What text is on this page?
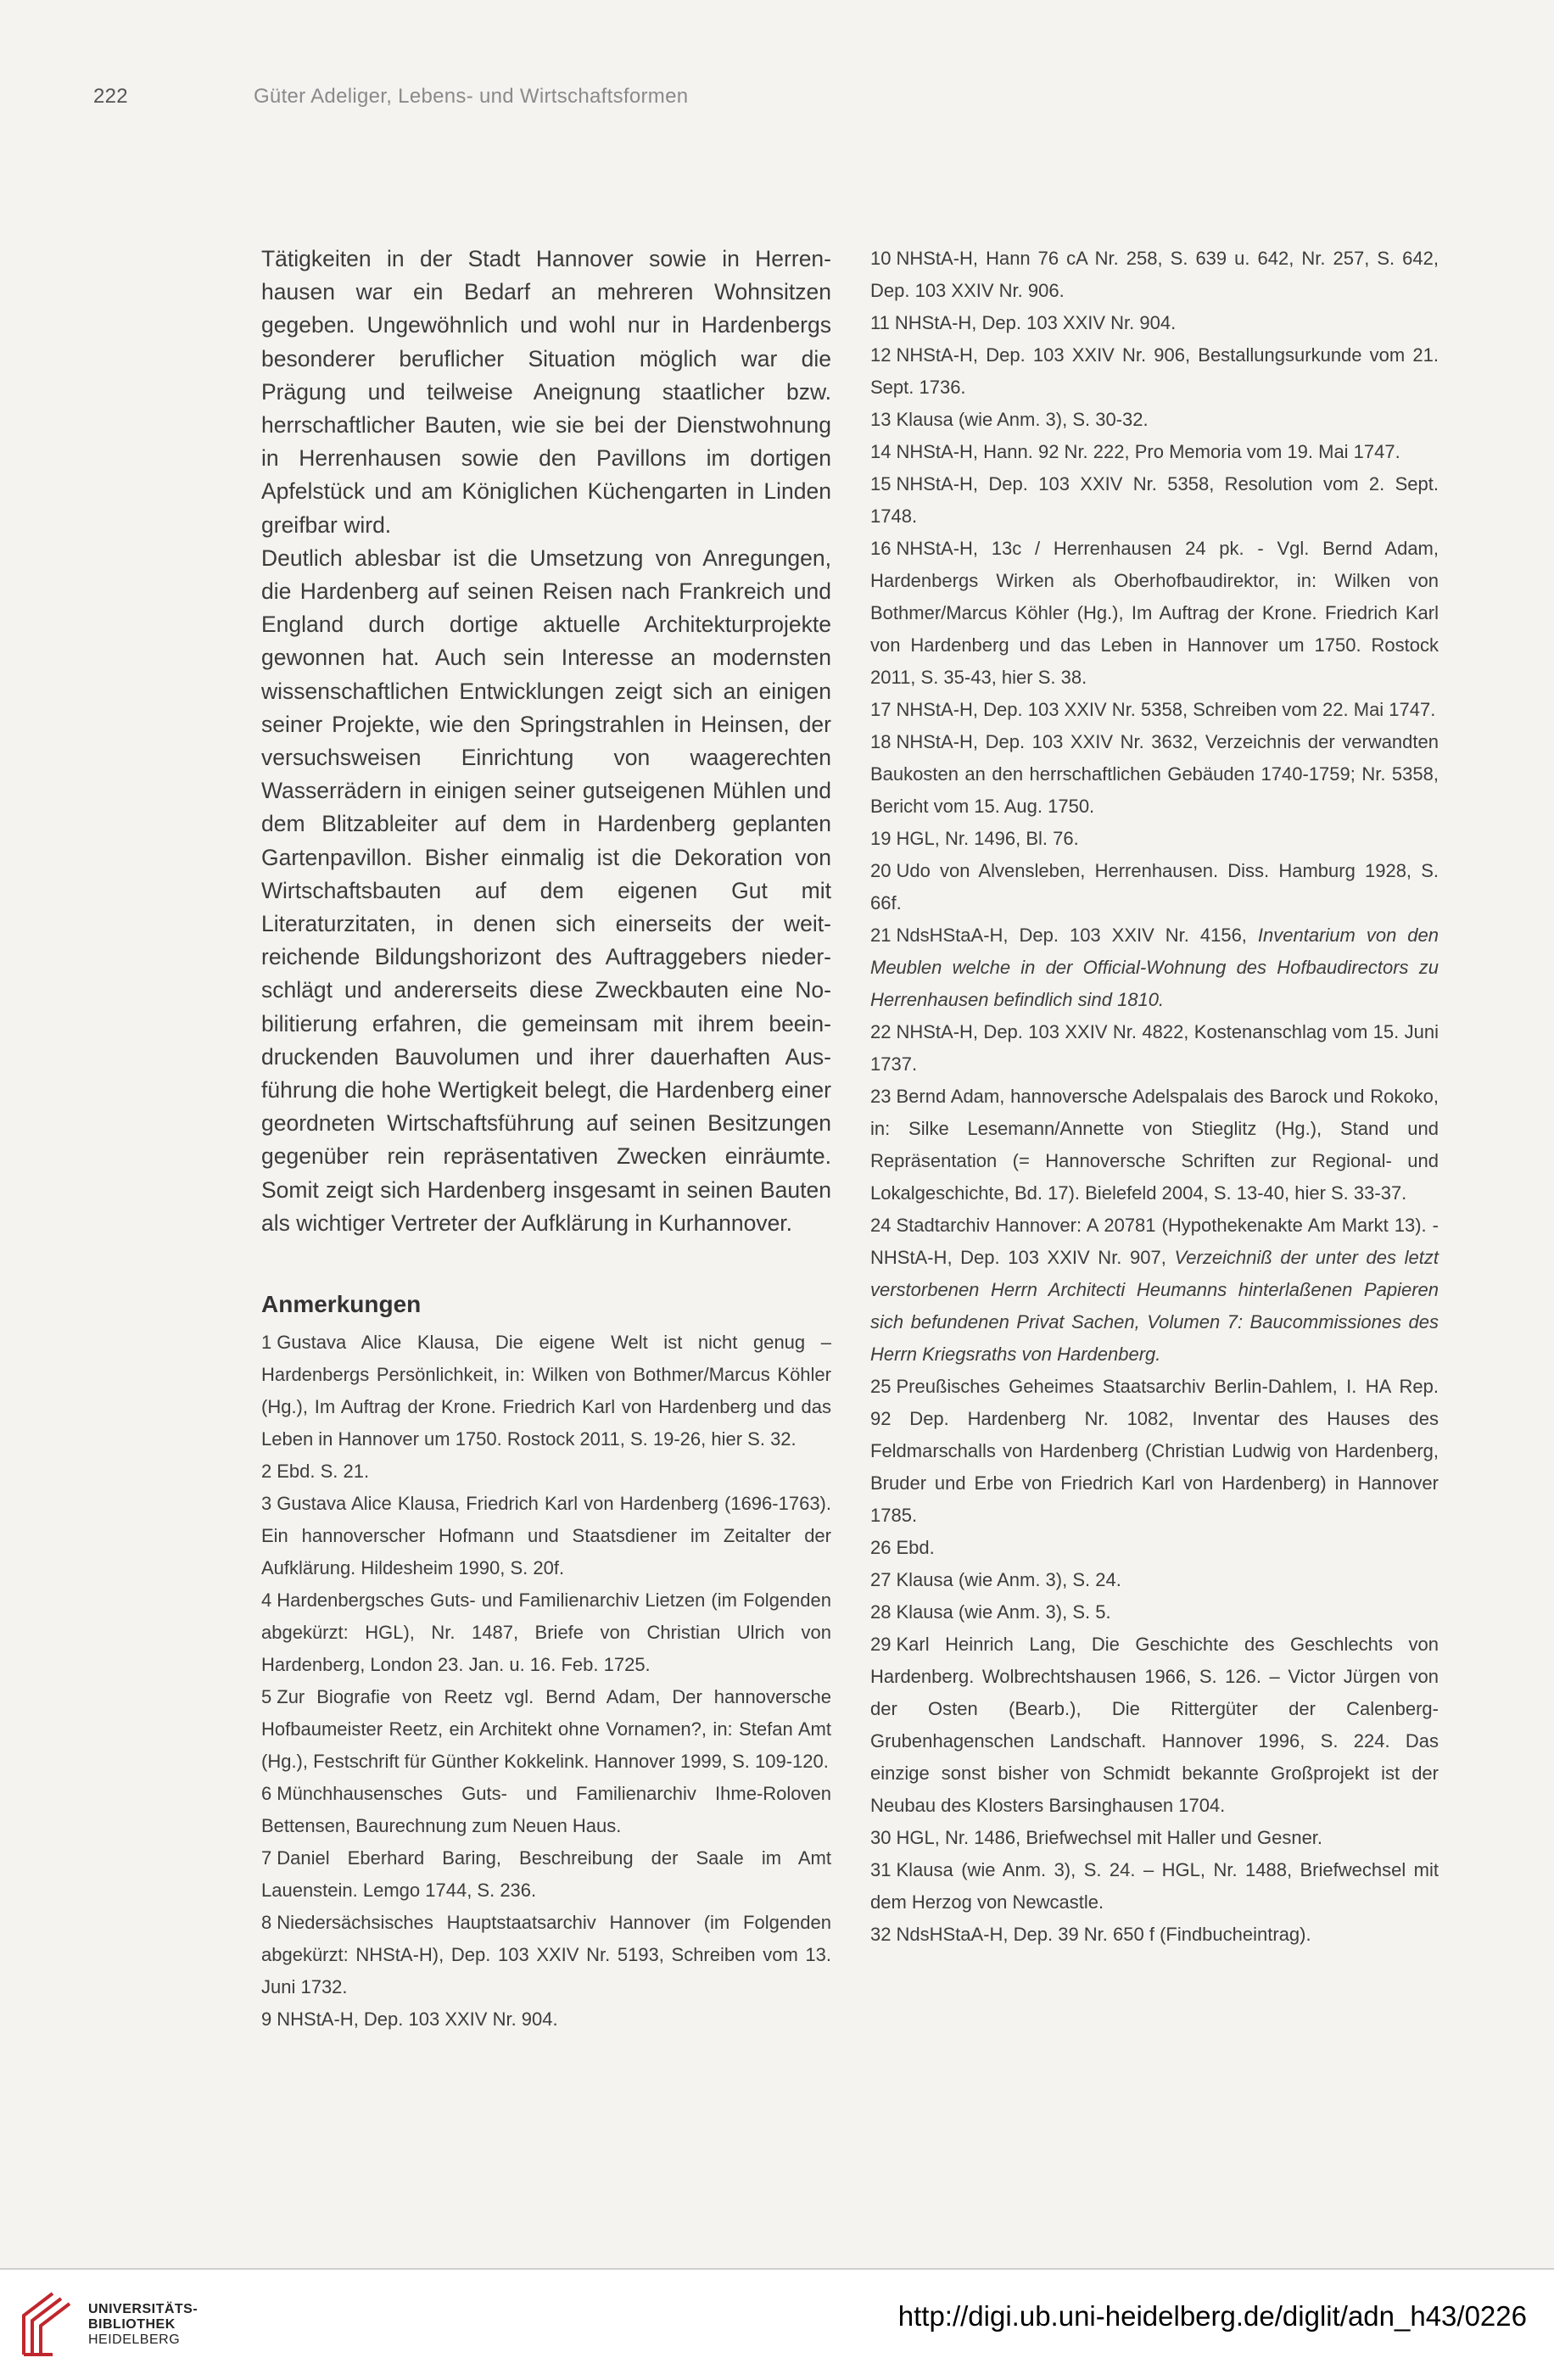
222	Güter Adeliger, Lebens- und Wirtschaftsformen

Tätigkeiten in der Stadt Hannover sowie in Herrenhausen war ein Bedarf an mehreren Wohnsitzen gegeben. Ungewöhnlich und wohl nur in Hardenbergs besonderer beruflicher Situation möglich war die Prägung und teilweise Aneignung staatlicher bzw. herrschaftlicher Bauten, wie sie bei der Dienstwohnung in Herrenhausen sowie den Pavillons im dortigen Apfelstück und am Königlichen Küchengarten in Linden greifbar wird.

Deutlich ablesbar ist die Umsetzung von Anregungen, die Hardenberg auf seinen Reisen nach Frankreich und England durch dortige aktuelle Architekturprojekte gewonnen hat. Auch sein Interesse an modernsten wissenschaftlichen Entwicklungen zeigt sich an einigen seiner Projekte, wie den Springstrahlen in Heinsen, der versuchsweisen Einrichtung von waagerechten Wasserrädern in einigen seiner gutseigenen Mühlen und dem Blitzableiter auf dem in Hardenberg geplanten Gartenpavillon. Bisher einmalig ist die Dekoration von Wirtschaftsbauten auf dem eigenen Gut mit Literaturzitaten, in denen sich einerseits der weitreichende Bildungshorizont des Auftraggebers niederschlägt und andererseits diese Zweckbauten eine Nobilitierung erfahren, die gemeinsam mit ihrem beeindruckenden Bauvolumen und ihrer dauerhaften Ausführung die hohe Wertigkeit belegt, die Hardenberg einer geordneten Wirtschaftsführung auf seinen Besitzungen gegenüber rein repräsentativen Zwecken einräumte. Somit zeigt sich Hardenberg insgesamt in seinen Bauten als wichtiger Vertreter der Aufklärung in Kurhannover.

Anmerkungen

1 Gustava Alice Klausa, Die eigene Welt ist nicht genug – Hardenbergs Persönlichkeit, in: Wilken von Bothmer/Marcus Köhler (Hg.), Im Auftrag der Krone. Friedrich Karl von Hardenberg und das Leben in Hannover um 1750. Rostock 2011, S. 19-26, hier S. 32.

2 Ebd. S. 21.

3 Gustava Alice Klausa, Friedrich Karl von Hardenberg (1696-1763). Ein hannoverscher Hofmann und Staatsdiener im Zeitalter der Aufklärung. Hildesheim 1990, S. 20f.

4 Hardenbergsches Guts- und Familienarchiv Lietzen (im Folgenden abgekürzt: HGL), Nr. 1487, Briefe von Christian Ulrich von Hardenberg, London 23. Jan. u. 16. Feb. 1725.

5 Zur Biografie von Reetz vgl. Bernd Adam, Der hannoversche Hofbaumeister Reetz, ein Architekt ohne Vornamen?, in: Stefan Amt (Hg.), Festschrift für Günther Kokkelink. Hannover 1999, S. 109-120.

6 Münchhausensches Guts- und Familienarchiv Ihme-Roloven Bettensen, Baurechnung zum Neuen Haus.

7 Daniel Eberhard Baring, Beschreibung der Saale im Amt Lauenstein. Lemgo 1744, S. 236.

8 Niedersächsisches Hauptstaatsarchiv Hannover (im Folgenden abgekürzt: NHStA-H), Dep. 103 XXIV Nr. 5193, Schreiben vom 13. Juni 1732.

9 NHStA-H, Dep. 103 XXIV Nr. 904.

10 NHStA-H, Hann 76 cA Nr. 258, S. 639 u. 642, Nr. 257, S. 642, Dep. 103 XXIV Nr. 906.

11 NHStA-H, Dep. 103 XXIV Nr. 904.

12 NHStA-H, Dep. 103 XXIV Nr. 906, Bestallungsurkunde vom 21. Sept. 1736.

13 Klausa (wie Anm. 3), S. 30-32.

14 NHStA-H, Hann. 92 Nr. 222, Pro Memoria vom 19. Mai 1747.

15 NHStA-H, Dep. 103 XXIV Nr. 5358, Resolution vom 2. Sept. 1748.

16 NHStA-H, 13c / Herrenhausen 24 pk. - Vgl. Bernd Adam, Hardenbergs Wirken als Oberhofbaudirektor, in: Wilken von Bothmer/Marcus Köhler (Hg.), Im Auftrag der Krone. Friedrich Karl von Hardenberg und das Leben in Hannover um 1750. Rostock 2011, S. 35-43, hier S. 38.

17 NHStA-H, Dep. 103 XXIV Nr. 5358, Schreiben vom 22. Mai 1747.

18 NHStA-H, Dep. 103 XXIV Nr. 3632, Verzeichnis der verwandten Baukosten an den herrschaftlichen Gebäuden 1740-1759; Nr. 5358, Bericht vom 15. Aug. 1750.

19 HGL, Nr. 1496, Bl. 76.

20 Udo von Alvensleben, Herrenhausen. Diss. Hamburg 1928, S. 66f.

21 NdsHStaA-H, Dep. 103 XXIV Nr. 4156, Inventarium von den Meublen welche in der Official-Wohnung des Hofbaudirectors zu Herrenhausen befindlich sind 1810.

22 NHStA-H, Dep. 103 XXIV Nr. 4822, Kostenanschlag vom 15. Juni 1737.

23 Bernd Adam, hannoversche Adelspalais des Barock und Rokoko, in: Silke Lesemann/Annette von Stieglitz (Hg.), Stand und Repräsentation (= Hannoversche Schriften zur Regional- und Lokalgeschichte, Bd. 17). Bielefeld 2004, S. 13-40, hier S. 33-37.

24 Stadtarchiv Hannover: A 20781 (Hypothekenakte Am Markt 13). - NHStA-H, Dep. 103 XXIV Nr. 907, Verzeichniß der unter des letzt verstorbenen Herrn Architecti Heumanns hinterlaßenen Papieren sich befundenen Privat Sachen, Volumen 7: Baucommissiones des Herrn Kriegsraths von Hardenberg.

25 Preußisches Geheimes Staatsarchiv Berlin-Dahlem, I. HA Rep. 92 Dep. Hardenberg Nr. 1082, Inventar des Hauses des Feldmarschalls von Hardenberg (Christian Ludwig von Hardenberg, Bruder und Erbe von Friedrich Karl von Hardenberg) in Hannover 1785.

26 Ebd.

27 Klausa (wie Anm. 3), S. 24.

28 Klausa (wie Anm. 3), S. 5.

29 Karl Heinrich Lang, Die Geschichte des Geschlechts von Hardenberg. Wolbrechtshausen 1966, S. 126. – Victor Jürgen von der Osten (Bearb.), Die Rittergüter der Calenberg-Grubenhagenschen Landschaft. Hannover 1996, S. 224. Das einzige sonst bisher von Schmidt bekannte Großprojekt ist der Neubau des Klosters Barsinghausen 1704.

30 HGL, Nr. 1486, Briefwechsel mit Haller und Gesner.

31 Klausa (wie Anm. 3), S. 24. – HGL, Nr. 1488, Briefwechsel mit dem Herzog von Newcastle.

32 NdsHStaA-H, Dep. 39 Nr. 650 f (Findbucheintrag).

UNIVERSITÄTS-
BIBLIOTHEK
HEIDELBERG
http://digi.ub.uni-heidelberg.de/diglit/adn_h43/0226
